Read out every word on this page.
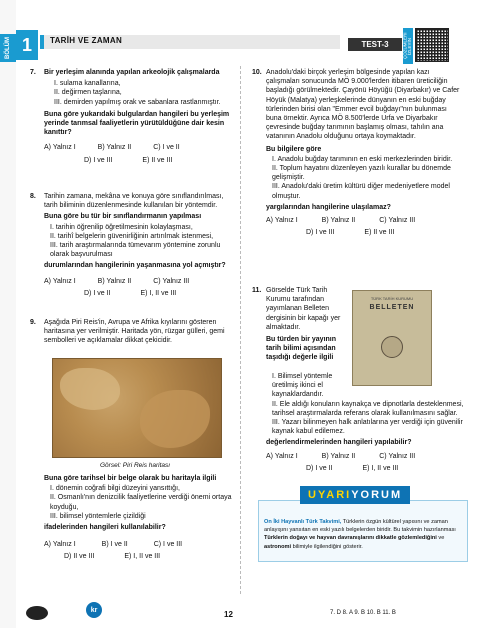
BÖLÜM 1	TARİH VE ZAMAN	TEST-3	ÇÖZÜMLERİ İZLEYİN
7. Bir yerleşim alanında yapılan arkeolojik çalışmalarda
I. sulama kanallarına,
II. değirmen taşlarına,
III. demirden yapılmış orak ve sabanlara rastlanmıştır.
Buna göre yukarıdaki bulgulardan hangileri bu yerleşim yerinde tarımsal faaliyetlerin yürütüldüğüne dair kesin kanıttır?
A) Yalnız I	B) Yalnız II	C) I ve II
D) I ve III	E) II ve III
8. Tarihin zamana, mekâna ve konuya göre sınıflandırılması, tarih biliminin düzenlenmesinde kullanılan bir yöntemdir.
Buna göre bu tür bir sınıflandırmanın yapılması
I. tarihin öğrenilip öğretilmesinin kolaylaşması,
II. tarihî belgelerin güvenirliğinin artırılmak istenmesi,
III. tarih araştırmalarında tümevarım yöntemine zorunlu olarak başvurulması
durumlarından hangilerinin yaşanmasına yol açmıştır?
A) Yalnız I	B) Yalnız II	C) Yalnız III
D) I ve II	E) I, II ve III
9. Aşağıda Piri Reis'in, Avrupa ve Afrika kıyılarını gösteren haritasına yer verilmiştir. Haritada yön, rüzgar gülleri, gemi sembolleri ve açıklamalar dikkat çekicidir.
Görsel: Piri Reis haritası
Buna göre tarihsel bir belge olarak bu haritayla ilgili
I. dönemin coğrafi bilgi düzeyini yansıttığı,
II. Osmanlı'nın denizcilik faaliyetlerine verdiği önemi ortaya koyduğu,
III. bilimsel yöntemlerle çizildiği
ifadelerinden hangileri kullanılabilir?
A) Yalnız I	B) I ve II	C) I ve III
D) II ve III	E) I, II ve III
10. Anadolu'daki birçok yerleşim bölgesinde yapılan kazı çalışmaları sonucunda MÖ 9.000'lerden itibaren üreticiliğin başladığı görülmektedir. Çayönü Höyüğü (Diyarbakır) ve Cafer Höyük (Malatya) yerleşkelerinde dünyanın en eski buğday türlerinden birisi olan "Emmer evcil buğdayı"nın bulunması buna örnektir. Ayrıca MÖ 8.500'lerde Urfa ve Diyarbakır çevresinde buğday tarımının başlamış olması, tahılın ana vatanının Anadolu olduğunu ortaya koymaktadır.
Bu bilgilere göre
I. Anadolu buğday tarımının en eski merkezlerinden biridir.
II. Toplum hayatını düzenleyen yazılı kurallar bu dönemde gelişmiştir.
III. Anadolu'daki üretim kültürü diğer medeniyetlere model olmuştur.
yargılarından hangilerine ulaşılamaz?
A) Yalnız I	B) Yalnız II	C) Yalnız III
D) I ve III	E) II ve III
11. Görselde Türk Tarih Kurumu tarafından yayımlanan Belleten dergisinin bir kapağı yer almaktadır.
Bu türden bir yayının tarih bilimi açısından taşıdığı değerle ilgili
TÜRK TARİH KURUMU
BELLETEN
I. Bilimsel yöntemle üretilmiş ikinci el kaynaklardandır.
II. Ele aldığı konuların kaynakça ve dipnotlarla desteklenmesi, tarihsel araştırmalarda referans olarak kullanılmasını sağlar.
III. Yazarı bilinmeyen halk anlatılarına yer verdiği için güvenilir kaynak kabul edilemez.
değerlendirmelerinden hangileri yapılabilir?
A) Yalnız I	B) Yalnız II	C) Yalnız III
D) I ve II	E) I, II ve III
UYARI YORUM
On İki Hayvanlı Türk Takvimi, Türklerin özgün kültürel yapısını ve zaman anlayışını yansıtan en eski yazılı belgelerden biridir. Bu takvimin hazırlanması Türklerin doğayı ve hayvan davranışlarını dikkatle gözlemlediğini ve astronomi bilimiyle ilgilendiğini gösterir.
kr	12	7. D 8. A 9. B 10. B 11. B
